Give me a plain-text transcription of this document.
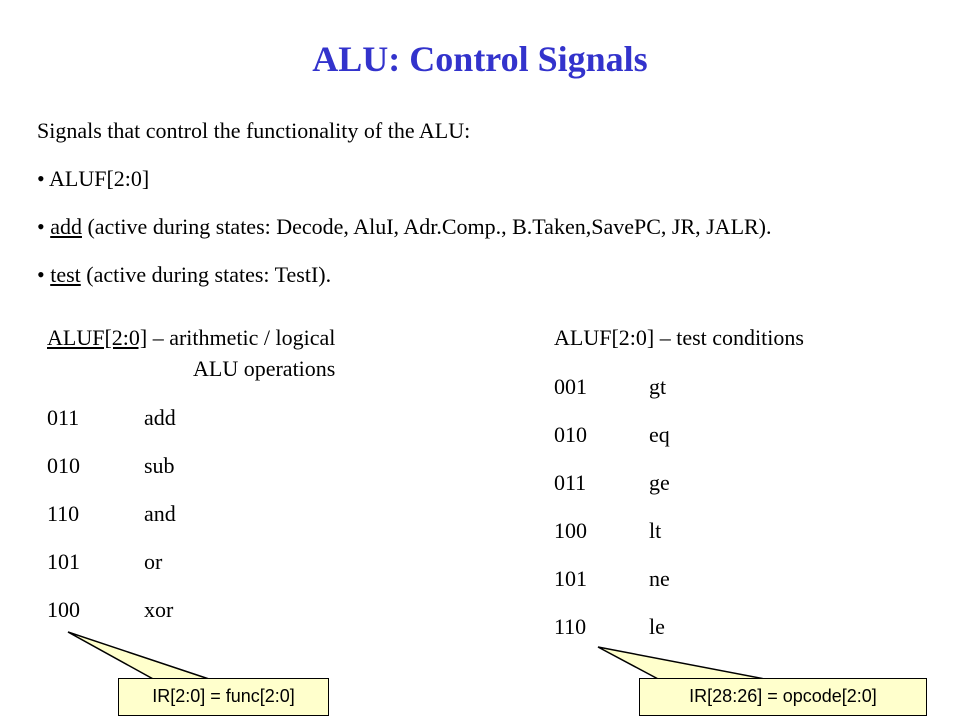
ALU: Control Signals
Signals that control the functionality of the ALU:
• ALUF[2:0]
• add (active during states: Decode, AluI, Adr.Comp., B.Taken,SavePC, JR, JALR).
• test (active during states: TestI).
ALUF[2:0] – arithmetic / logical
ALU operations
011	add
010	sub
110	and
101	or
100	xor
ALUF[2:0] – test conditions
001	gt
010	eq
011	ge
100	lt
101	ne
110	le
IR[2:0] = func[2:0]	IR[28:26] = opcode[2:0]
